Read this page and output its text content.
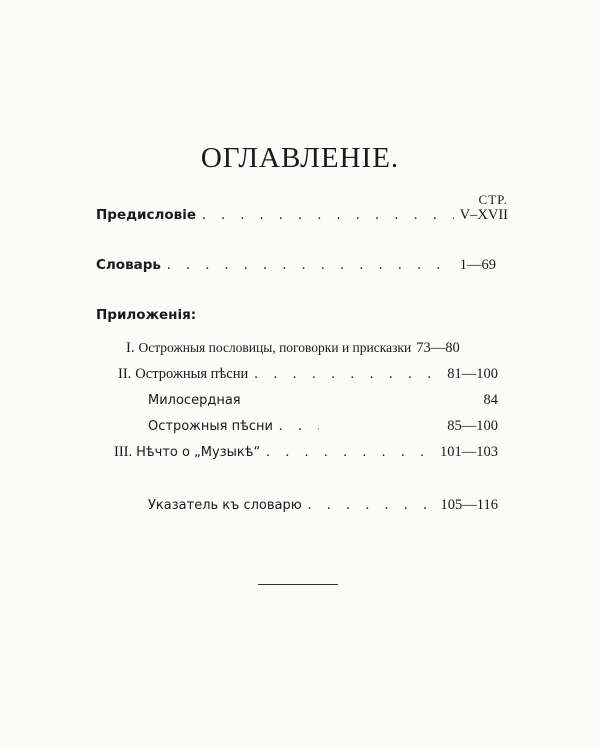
ОГЛАВЛЕНІЕ.
СТР.
Предисловіе . . .	V–XVII
Словарь . . .	1—69
Приложенія:
I. Острожныя пословицы, поговорки и присказки 73—80
II. Острожныя пѣсни . . .	81—100
Милосердная	84
Острожныя пѣсни . . .	85—100
III. Нѣчто о „Музыкѣ“ . . .	101—103
Указатель къ словарю . . .	105—116
